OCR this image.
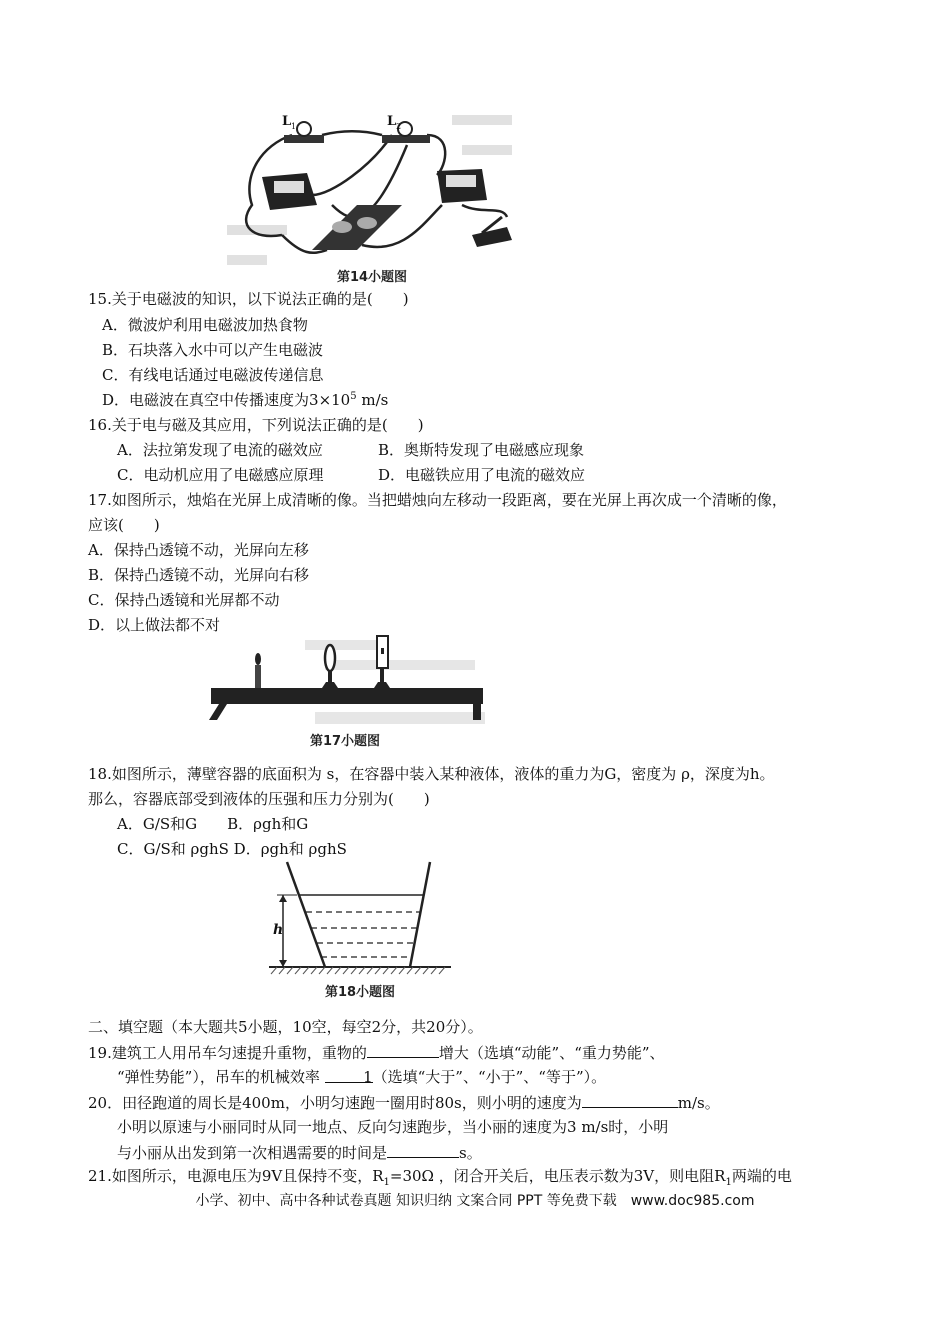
L 1	L 2
第14小题图
15.关于电磁波的知识，以下说法正确的是(　　)
A．微波炉利用电磁波加热食物
B．石块落入水中可以产生电磁波
C．有线电话通过电磁波传递信息
D．电磁波在真空中传播速度为$3\times 10^5$ m/s
16.关于电与磁及其应用，下列说法正确的是(　　)
A．法拉第发现了电流的磁效应	B．奥斯特发现了电磁感应现象
C．电动机应用了电磁感应原理	D．电磁铁应用了电流的磁效应
17.如图所示，烛焰在光屏上成清晰的像。当把蜡烛向左移动一段距离，要在光屏上再次成一个清晰的像，
应该(　　)
A．保持凸透镜不动，光屏向左移
B．保持凸透镜不动，光屏向右移
C．保持凸透镜和光屏都不动
D．以上做法都不对
第17小题图
18.如图所示，薄壁容器的底面积为 s，在容器中装入某种液体，液体的重力为G，密度为 ρ，深度为h。
那么，容器底部受到液体的压强和压力分别为(　　)
A．G/S和G　　B．ρgh和G
C．G/S和 ρghS D．ρgh和 ρghS
h
第18小题图
二、填空题（本大题共5小题，10空，每空2分，共20分）。
19.建筑工人用吊车匀速提升重物，重物的	增大（选填“动能”、“重力势能”、
“弹性势能”），吊车的机械效率	1（选填“大于”、“小于”、“等于”）。
20．田径跑道的周长是400m，小明匀速跑一圈用时80s，则小明的速度为	m/s。
小明以原速与小丽同时从同一地点、反向匀速跑步，当小丽的速度为3 m/s时，小明
与小丽从出发到第一次相遇需要的时间是	s。
21.如图所示，电源电压为9V且保持不变，$R_1=30\Omega$ ，闭合开关后，电压表示数为3V，则电阻$R_1$两端的电
小学、初中、高中各种试卷真题 知识归纳 文案合同 PPT 等免费下载　www.doc985.com
